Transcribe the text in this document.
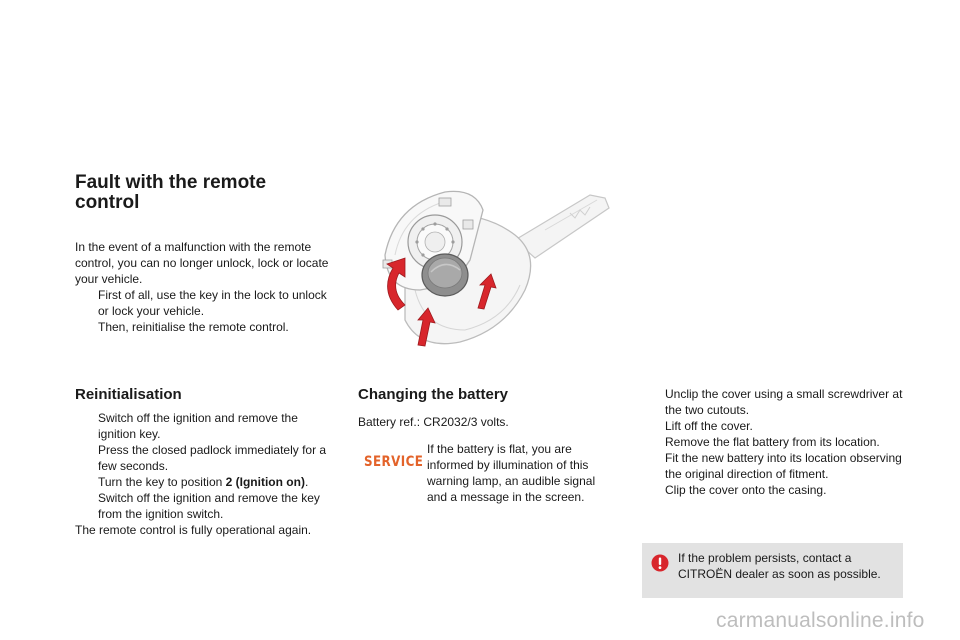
Fault with the remote control
In the event of a malfunction with the remote control, you can no longer unlock, lock or locate your vehicle.
First of all, use the key in the lock to unlock or lock your vehicle.
Then, reinitialise the remote control.
Reinitialisation
Switch off the ignition and remove the ignition key.
Press the closed padlock immediately for a few seconds.
Turn the key to position 2 (Ignition on).
Switch off the ignition and remove the key from the ignition switch.
The remote control is fully operational again.
Changing the battery
Battery ref.: CR2032/3 volts.
SERVICE
If the battery is flat, you are informed by illumination of this warning lamp, an audible signal and a message in the screen.
Unclip the cover using a small screwdriver at the two cutouts.
Lift off the cover.
Remove the flat battery from its location.
Fit the new battery into its location observing the original direction of fitment.
Clip the cover onto the casing.
If the problem persists, contact a CITROËN dealer as soon as possible.
carmanualsonline.info
